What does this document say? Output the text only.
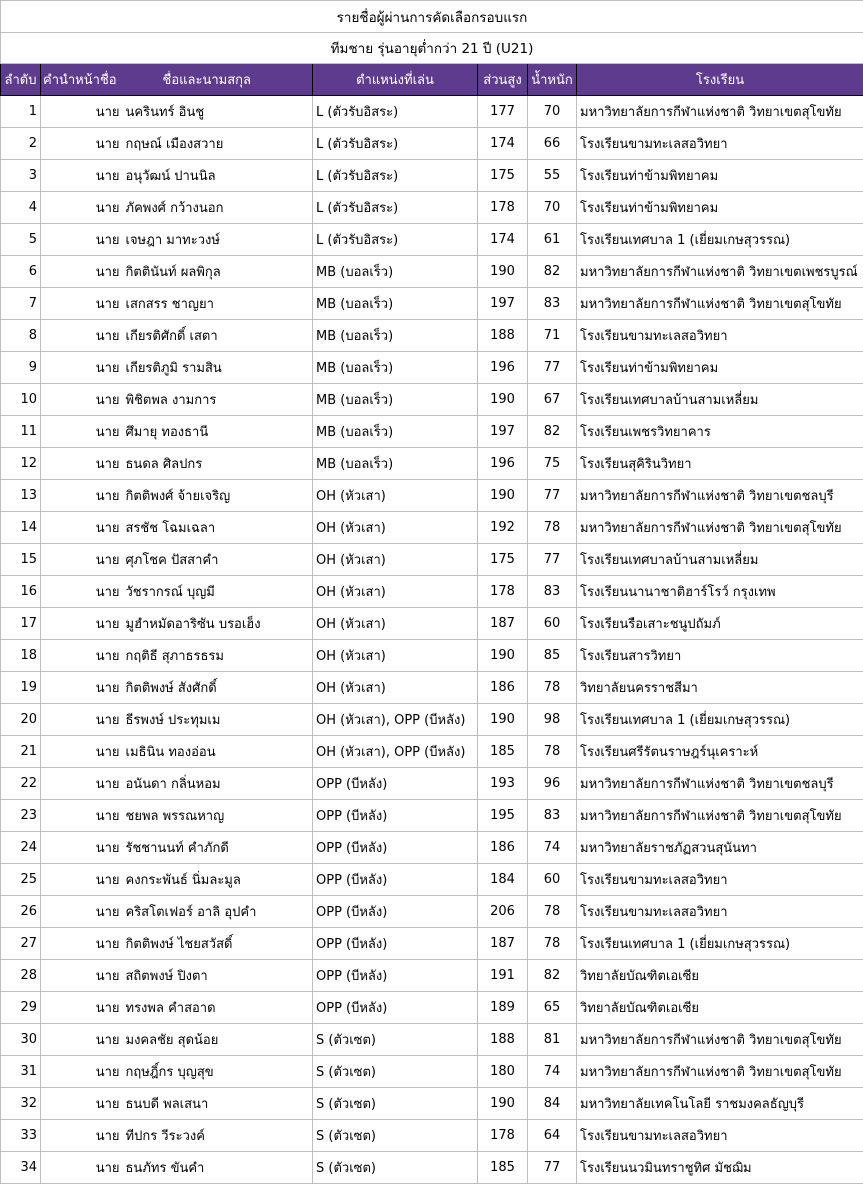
รายชื่อผู้ผ่านการคัดเลือกรอบแรก						
ทีมชาย รุ่นอายุต่ำกว่า 21 ปี (U21)						
ลำดับ	คำนำหน้าชื่อ	ชื่อและนามสกุล	ตำแหน่งที่เล่น	ส่วนสูง	น้ำหนัก	โรงเรียน
1	นาย	นครินทร์ อินชู	L (ตัวรับอิสระ)	177	70	มหาวิทยาลัยการกีฬาแห่งชาติ วิทยาเขตสุโขทัย
2	นาย	กฤษณ์ เมืองสวาย	L (ตัวรับอิสระ)	174	66	โรงเรียนขามทะเลสอวิทยา
3	นาย	อนุวัฒน์ ปานนิล	L (ตัวรับอิสระ)	175	55	โรงเรียนท่าข้ามพิทยาคม
4	นาย	ภัคพงศ์ กว้างนอก	L (ตัวรับอิสระ)	178	70	โรงเรียนท่าข้ามพิทยาคม
5	นาย	เจษฎา มาทะวงษ์	L (ตัวรับอิสระ)	174	61	โรงเรียนเทศบาล 1 (เยี่ยมเกษสุวรรณ)
6	นาย	กิตตินันท์ ผลพิกุล	MB (บอลเร็ว)	190	82	มหาวิทยาลัยการกีฬาแห่งชาติ วิทยาเขตเพชรบูรณ์
7	นาย	เสกสรร ชาญยา	MB (บอลเร็ว)	197	83	มหาวิทยาลัยการกีฬาแห่งชาติ วิทยาเขตสุโขทัย
8	นาย	เกียรติศักดิ์ เสตา	MB (บอลเร็ว)	188	71	โรงเรียนขามทะเลสอวิทยา
9	นาย	เกียรติภูมิ รามสิน	MB (บอลเร็ว)	196	77	โรงเรียนท่าข้ามพิทยาคม
10	นาย	พิชิตพล งามการ	MB (บอลเร็ว)	190	67	โรงเรียนเทศบาลบ้านสามเหลี่ยม
11	นาย	ศึมายุ ทองธานี	MB (บอลเร็ว)	197	82	โรงเรียนเพชรวิทยาคาร
12	นาย	ธนดล ศิลปกร	MB (บอลเร็ว)	196	75	โรงเรียนสุคิรินวิทยา
13	นาย	กิตติพงศ์ จ้ายเจริญ	OH (หัวเสา)	190	77	มหาวิทยาลัยการกีฬาแห่งชาติ วิทยาเขตชลบุรี
14	นาย	สรชัช โฉมเฉลา	OH (หัวเสา)	192	78	มหาวิทยาลัยการกีฬาแห่งชาติ วิทยาเขตสุโขทัย
15	นาย	ศุภโชค ปัสสาคำ	OH (หัวเสา)	175	77	โรงเรียนเทศบาลบ้านสามเหลี่ยม
16	นาย	วัชรากรณ์ บุญมี	OH (หัวเสา)	178	83	โรงเรียนนานาชาติฮาร์โรว์ กรุงเทพ
17	นาย	มูฮำหมัดอาริซัน บรอเฮ็ง	OH (หัวเสา)	187	60	โรงเรียนรือเสาะชนูปถัมภ์
18	นาย	กฤติธี สุภาธรธรม	OH (หัวเสา)	190	85	โรงเรียนสารวิทยา
19	นาย	กิตติพงษ์ สังศักดิ์	OH (หัวเสา)	186	78	วิทยาลัยนครราชสีมา
20	นาย	ธีรพงษ์ ประทุมเม	OH (หัวเสา), OPP (บีหลัง)	190	98	โรงเรียนเทศบาล 1 (เยี่ยมเกษสุวรรณ)
21	นาย	เมธินิน ทองอ่อน	OH (หัวเสา), OPP (บีหลัง)	185	78	โรงเรียนศรีรัตนราษฎร์นุเคราะห์
22	นาย	อนันดา กลิ่นหอม	OPP (บีหลัง)	193	96	มหาวิทยาลัยการกีฬาแห่งชาติ วิทยาเขตชลบุรี
23	นาย	ชยพล พรรณหาญ	OPP (บีหลัง)	195	83	มหาวิทยาลัยการกีฬาแห่งชาติ วิทยาเขตสุโขทัย
24	นาย	รัชชานนท์ คำภักดี	OPP (บีหลัง)	186	74	มหาวิทยาลัยราชภัฏสวนสุนันทา
25	นาย	คงกระพันธ์ นิ่มละมูล	OPP (บีหลัง)	184	60	โรงเรียนขามทะเลสอวิทยา
26	นาย	คริสโตเฟอร์ อาลิ อุปคำ	OPP (บีหลัง)	206	78	โรงเรียนขามทะเลสอวิทยา
27	นาย	กิตติพงษ์ ไชยสวัสดิ์	OPP (บีหลัง)	187	78	โรงเรียนเทศบาล 1 (เยี่ยมเกษสุวรรณ)
28	นาย	สถิตพงษ์ ปิงตา	OPP (บีหลัง)	191	82	วิทยาลัยบัณฑิตเอเซีย
29	นาย	ทรงพล คำสอาด	OPP (บีหลัง)	189	65	วิทยาลัยบัณฑิตเอเซีย
30	นาย	มงคลชัย สุดน้อย	S (ตัวเซต)	188	81	มหาวิทยาลัยการกีฬาแห่งชาติ วิทยาเขตสุโขทัย
31	นาย	กฤษฎิ์กร บุญสุข	S (ตัวเซต)	180	74	มหาวิทยาลัยการกีฬาแห่งชาติ วิทยาเขตสุโขทัย
32	นาย	ธนบดี พลเสนา	S (ตัวเซต)	190	84	มหาวิทยาลัยเทคโนโลยี ราชมงคลธัญบุรี
33	นาย	ทีปกร วีระวงค์	S (ตัวเซต)	178	64	โรงเรียนขามทะเลสอวิทยา
34	นาย	ธนภัทร ขันคำ	S (ตัวเซต)	185	77	โรงเรียนนวมินทราชูทิศ มัชฌิม
